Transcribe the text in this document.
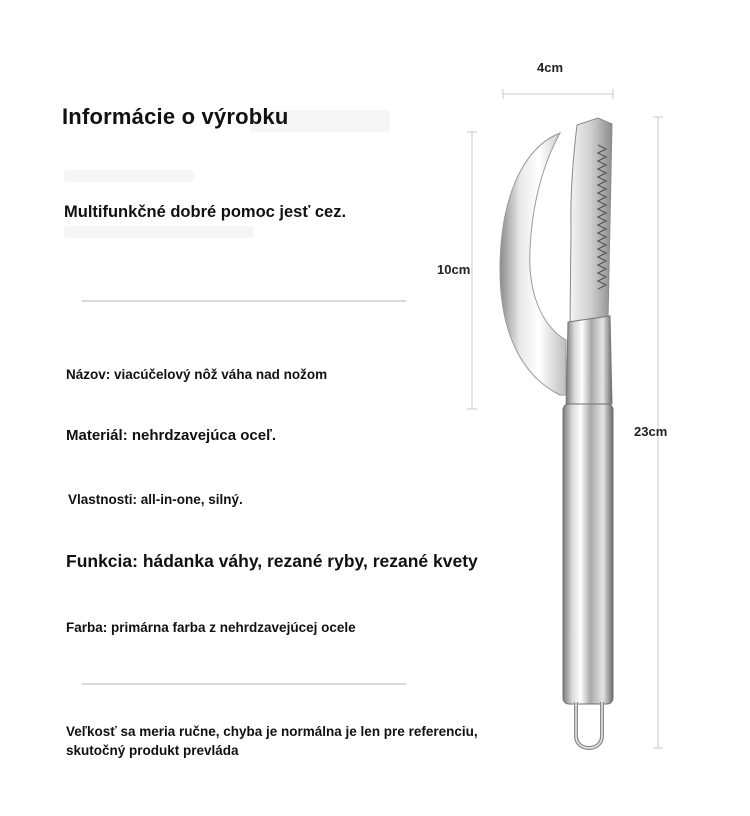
Informácie o výrobku
Multifunkčné dobré pomoc jesť cez.
Názov: viacúčelový nôž váha nad nožom
Materiál: nehrdzavejúca oceľ.
Vlastnosti: all-in-one, silný.
Funkcia: hádanka váhy, rezané ryby, rezané kvety
Farba: primárna farba z nehrdzavejúcej ocele
Veľkosť sa meria ručne, chyba je normálna je len pre referenciu, skutočný produkt prevláda
4cm
10cm
23cm
